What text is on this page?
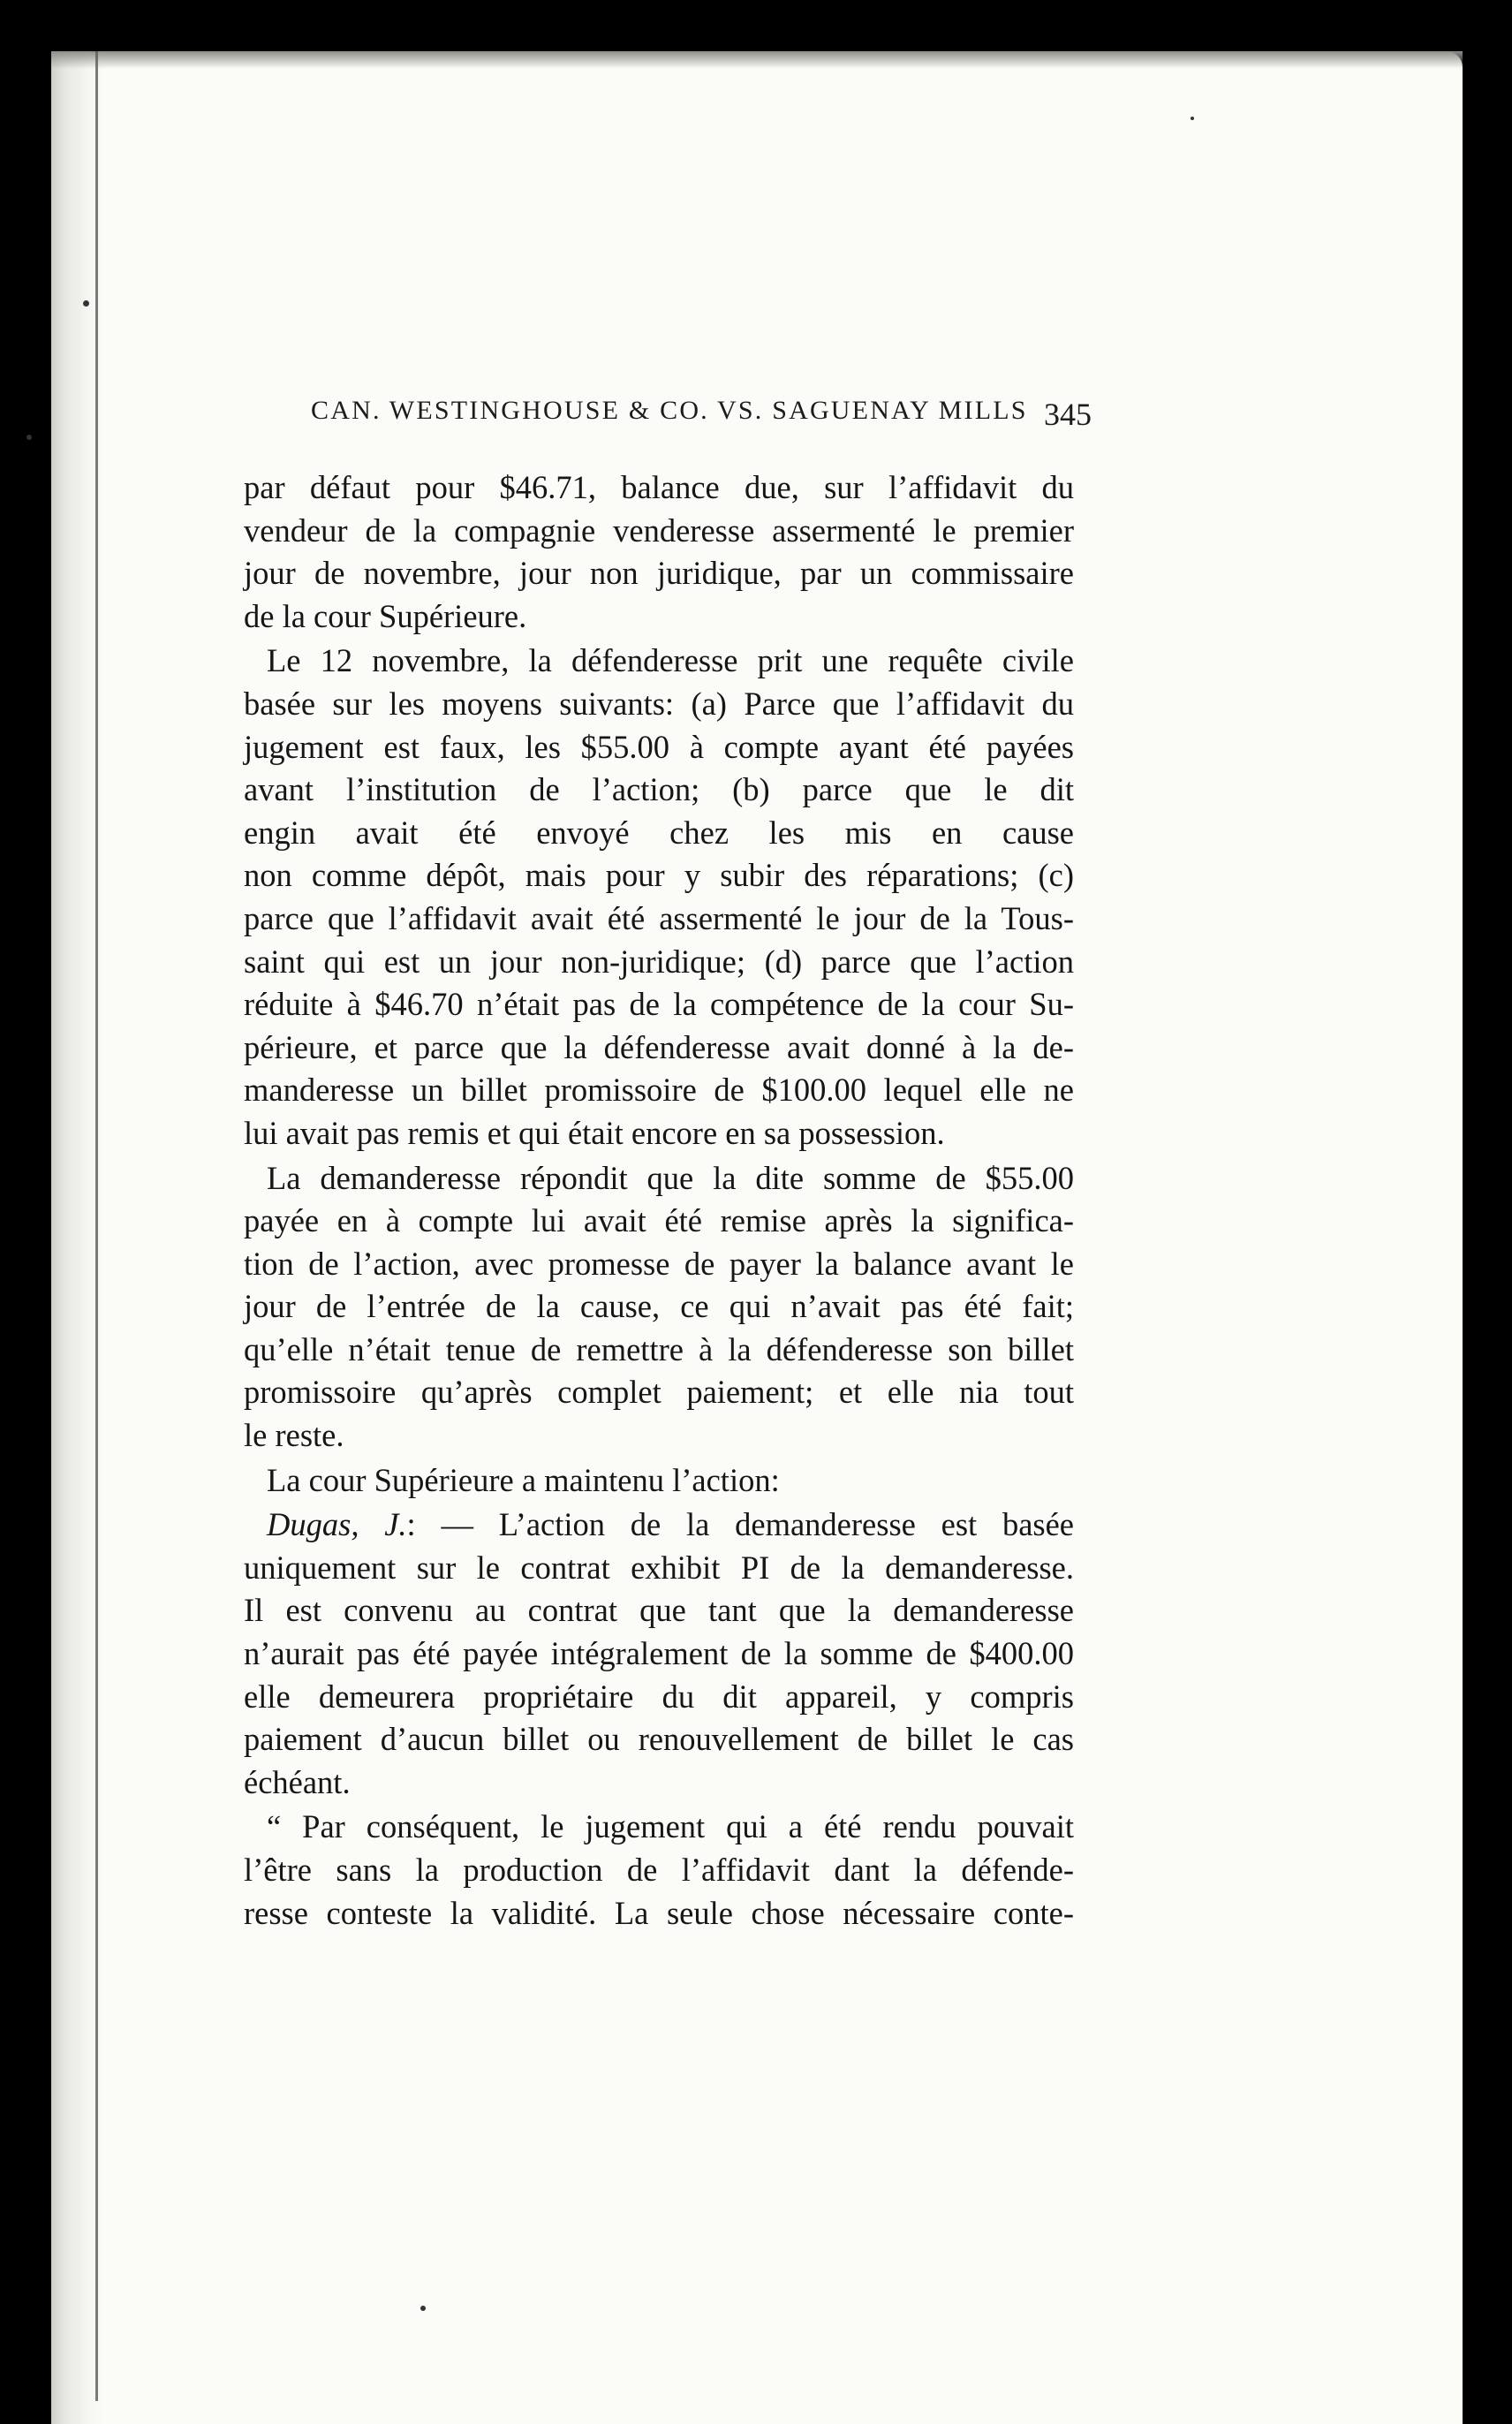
CAN. WESTINGHOUSE & CO. VS. SAGUENAY MILLS 345
par défaut pour $46.71, balance due, sur l’affidavit du
vendeur de la compagnie venderesse assermenté le premier
jour de novembre, jour non juridique, par un commissaire
de la cour Supérieure.
Le 12 novembre, la défenderesse prit une requête civile
basée sur les moyens suivants: (a) Parce que l’affidavit du
jugement est faux, les $55.00 à compte ayant été payées
avant l’institution de l’action; (b) parce que le dit
engin avait été envoyé chez les mis en cause
non comme dépôt, mais pour y subir des réparations; (c)
parce que l’affidavit avait été assermenté le jour de la Tous-
saint qui est un jour non-juridique; (d) parce que l’action
réduite à $46.70 n’était pas de la compétence de la cour Su-
périeure, et parce que la défenderesse avait donné à la de-
manderesse un billet promissoire de $100.00 lequel elle ne
lui avait pas remis et qui était encore en sa possession.
La demanderesse répondit que la dite somme de $55.00
payée en à compte lui avait été remise après la significa-
tion de l’action, avec promesse de payer la balance avant le
jour de l’entrée de la cause, ce qui n’avait pas été fait;
qu’elle n’était tenue de remettre à la défenderesse son billet
promissoire qu’après complet paiement; et elle nia tout
le reste.
La cour Supérieure a maintenu l’action:
Dugas, J.: — L’action de la demanderesse est basée
uniquement sur le contrat exhibit PI de la demanderesse.
Il est convenu au contrat que tant que la demanderesse
n’aurait pas été payée intégralement de la somme de $400.00
elle demeurera propriétaire du dit appareil, y compris
paiement d’aucun billet ou renouvellement de billet le cas
échéant.
“ Par conséquent, le jugement qui a été rendu pouvait
l’être sans la production de l’affidavit dant la défende-
resse conteste la validité. La seule chose nécessaire conte-
